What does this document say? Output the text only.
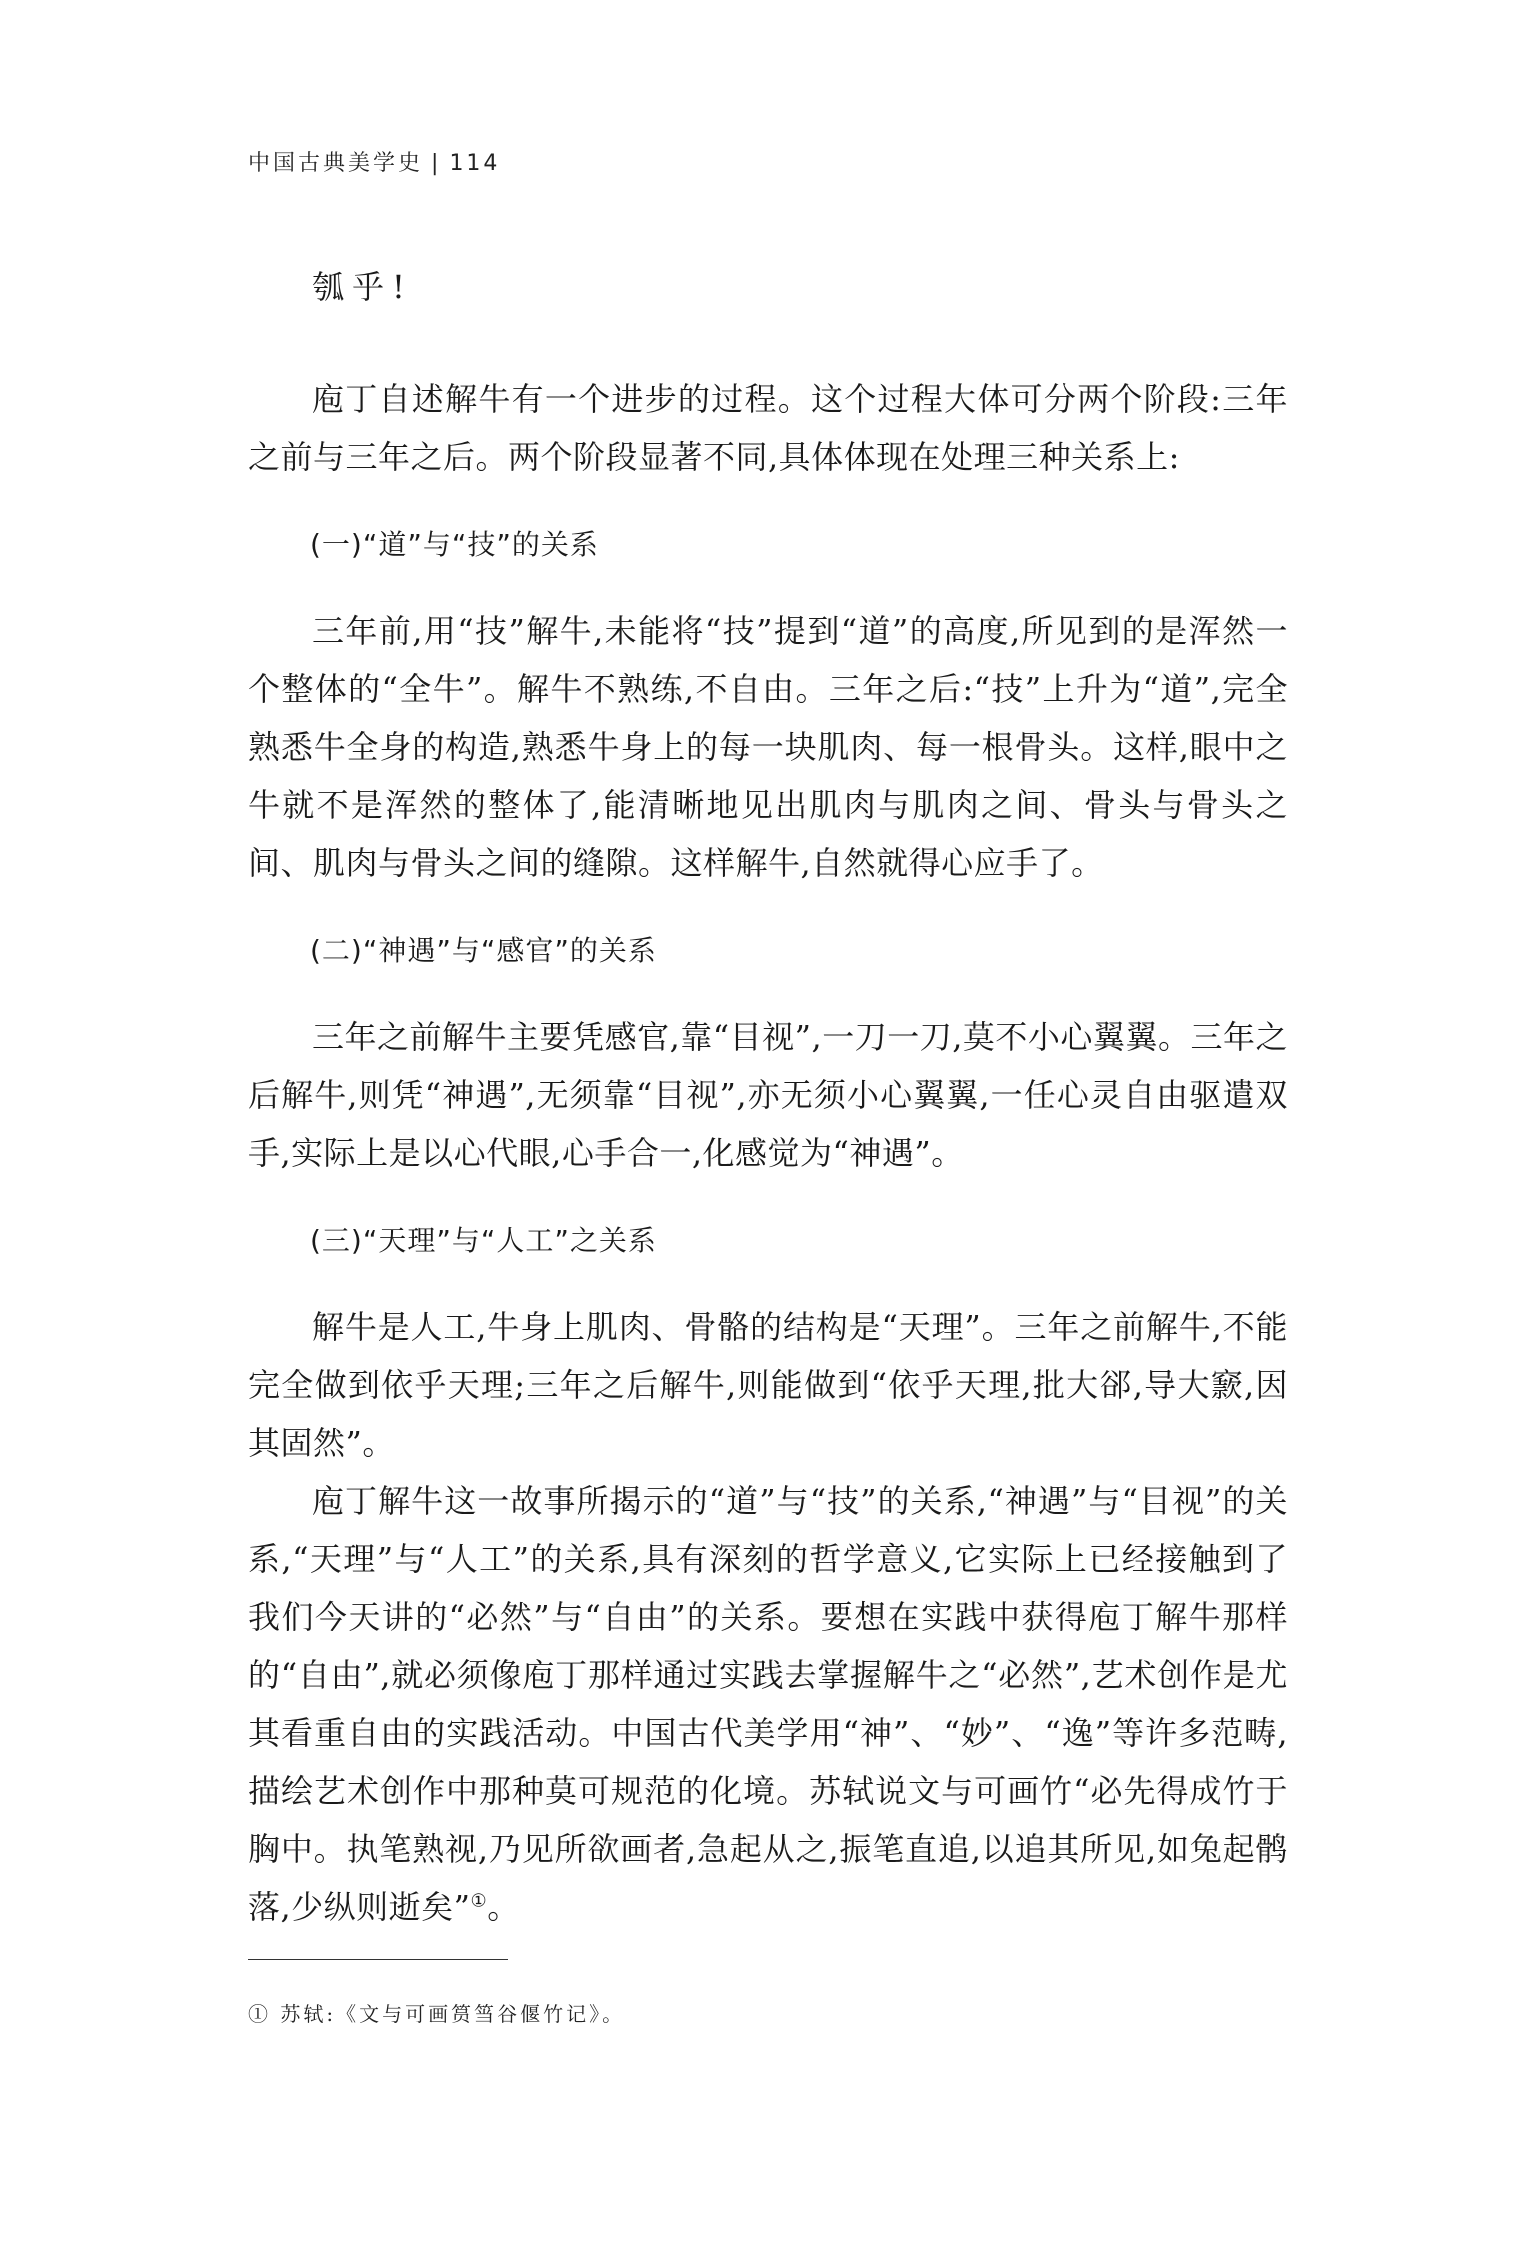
中国古典美学史 | 114

瓠乎!

庖丁自述解牛有一个进步的过程。这个过程大体可分两个阶段:三年之前与三年之后。两个阶段显著不同,具体体现在处理三种关系上:

(一)“道”与“技”的关系

三年前,用“技”解牛,未能将“技”提到“道”的高度,所见到的是浑然一个整体的“全牛”。解牛不熟练,不自由。三年之后:“技”上升为“道”,完全熟悉牛全身的构造,熟悉牛身上的每一块肌肉、每一根骨头。这样,眼中之牛就不是浑然的整体了,能清晰地见出肌肉与肌肉之间、骨头与骨头之间、肌肉与骨头之间的缝隙。这样解牛,自然就得心应手了。

(二)“神遇”与“感官”的关系

三年之前解牛主要凭感官,靠“目视”,一刀一刀,莫不小心翼翼。三年之后解牛,则凭“神遇”,无须靠“目视”,亦无须小心翼翼,一任心灵自由驱遣双手,实际上是以心代眼,心手合一,化感觉为“神遇”。

(三)“天理”与“人工”之关系

解牛是人工,牛身上肌肉、骨骼的结构是“天理”。三年之前解牛,不能完全做到依乎天理;三年之后解牛,则能做到“依乎天理,批大郤,导大窾,因其固然”。

庖丁解牛这一故事所揭示的“道”与“技”的关系,“神遇”与“目视”的关系,“天理”与“人工”的关系,具有深刻的哲学意义,它实际上已经接触到了我们今天讲的“必然”与“自由”的关系。要想在实践中获得庖丁解牛那样的“自由”,就必须像庖丁那样通过实践去掌握解牛之“必然”,艺术创作是尤其看重自由的实践活动。中国古代美学用“神”、“妙”、“逸”等许多范畴,描绘艺术创作中那种莫可规范的化境。苏轼说文与可画竹“必先得成竹于胸中。执笔熟视,乃见所欲画者,急起从之,振笔直追,以追其所见,如兔起鹘落,少纵则逝矣”①。

① 苏轼:《文与可画筼筜谷偃竹记》。
